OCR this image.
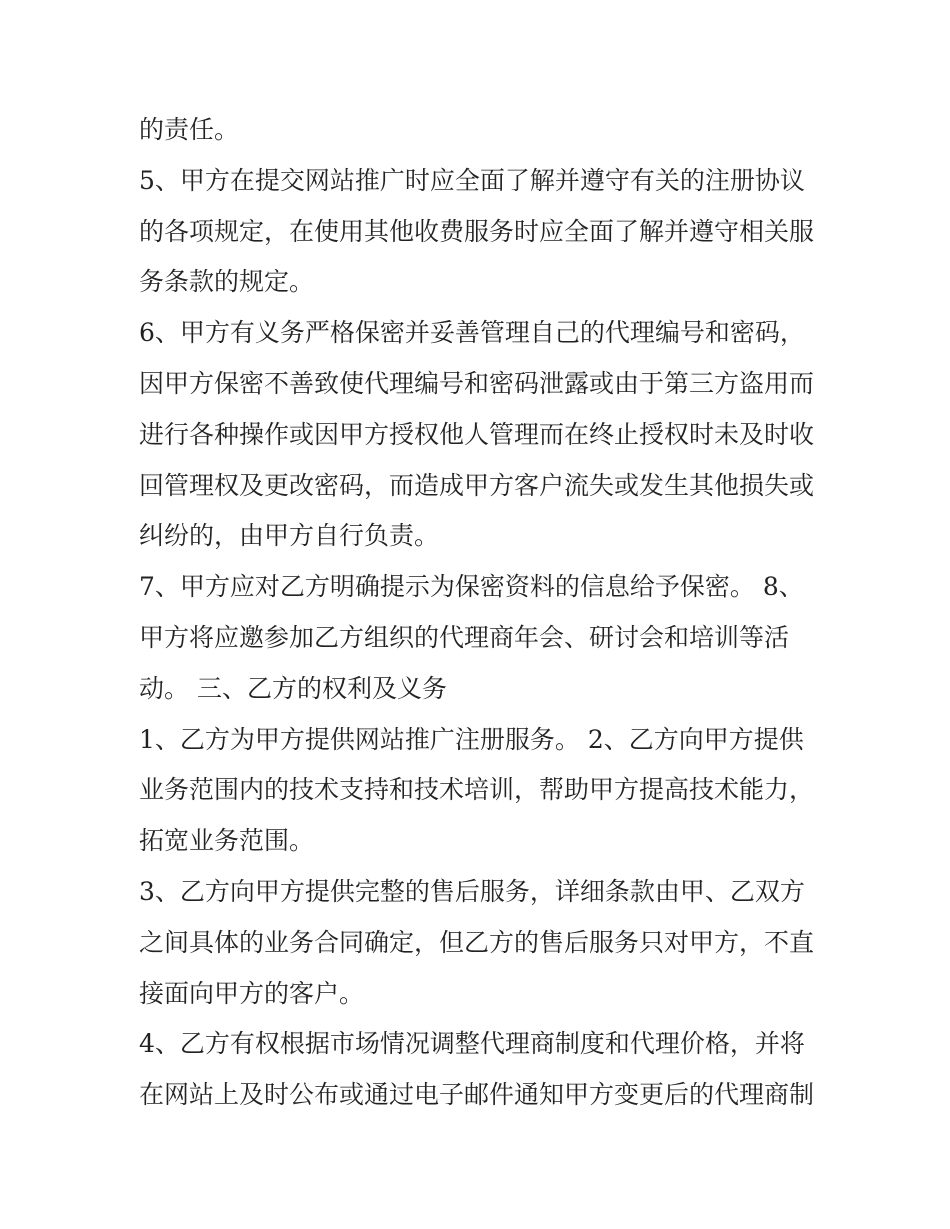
的责任。
5、甲方在提交网站推广时应全面了解并遵守有关的注册协议
的各项规定，在使用其他收费服务时应全面了解并遵守相关服
务条款的规定。
6、甲方有义务严格保密并妥善管理自己的代理编号和密码，
因甲方保密不善致使代理编号和密码泄露或由于第三方盗用而
进行各种操作或因甲方授权他人管理而在终止授权时未及时收
回管理权及更改密码，而造成甲方客户流失或发生其他损失或
纠纷的，由甲方自行负责。
7、甲方应对乙方明确提示为保密资料的信息给予保密。 8、
甲方将应邀参加乙方组织的代理商年会、研讨会和培训等活
动。 三、乙方的权利及义务
1、乙方为甲方提供网站推广注册服务。 2、乙方向甲方提供
业务范围内的技术支持和技术培训，帮助甲方提高技术能力，
拓宽业务范围。
3、乙方向甲方提供完整的售后服务，详细条款由甲、乙双方
之间具体的业务合同确定，但乙方的售后服务只对甲方，不直
接面向甲方的客户。
4、乙方有权根据市场情况调整代理商制度和代理价格，并将
在网站上及时公布或通过电子邮件通知甲方变更后的代理商制
